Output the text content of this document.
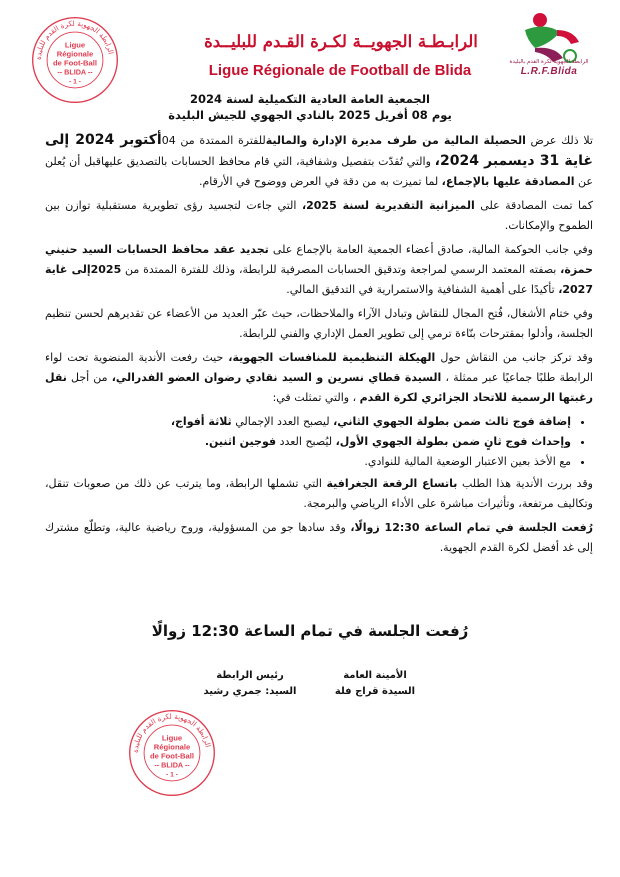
الرابطة الجهوية لكرة القدم للبليدة
Ligue
Régionale
de Foot-Ball
-- BLIDA --
- 1 -
الرابـطـة الجهويــة لكـرة القـدم للبليــدة
Ligue Régionale de Football de Blida	الرابطة الجهوية لكرة القدم بالبليدة
L.R.F.Blida
الجمعية العامة العادية التكميلية لسنة 2024
يوم 08 أفريل 2025 بالنادي الجهوي للجيش البليدة

تلا ذلك عرض الحصيلة المالية من طرف مديرة الإدارة والماليةللفترة الممتدة من 04أكتوبر 2024 إلى غاية 31 ديسمبر 2024، والتي تُقدّت بتفصيل وشفافية، التي قام محافظ الحسابات بالتصديق عليهاقبل أن يُعلن عن المصادقة عليها بالإجماع، لما تميزت به من دقة في العرض ووضوح في الأرقام.

كما تمت المصادقة على الميزانية التقديرية لسنة 2025، التي جاءت لتجسيد رؤى تطويرية مستقبلية توازن بين الطموح والإمكانات.

وفي جانب الحوكمة المالية، صادق أعضاء الجمعية العامة بالإجماع على تجديد عقد محافظ الحسابات السيد حنيني حمزة، بصفته المعتمد الرسمي لمراجعة وتدقيق الحسابات المصرفية للرابطة، وذلك للفترة الممتدة من 2025إلى غاية 2027، تأكيدًا على أهمية الشفافية والاستمرارية في التدقيق المالي.

وفي ختام الأشغال، فُتح المجال للنقاش وتبادل الآراء والملاحظات، حيث عبّر العديد من الأعضاء عن تقديرهم لحسن تنظيم الجلسة، وأدلوا بمقترحات بنّاءة ترمي إلى تطوير العمل الإداري والفني للرابطة.

وقد تركز جانب من النقاش حول الهيكلة التنظيمية للمنافسات الجهوية، حيث رفعت الأندية المنضوية تحت لواء الرابطة طلبًا جماعيًا عبر ممثلة ، السيدة قطاي نسرين و السيد نقادي رضوان العضو الفدرالي، من أجل نقل رغبتها الرسمية للاتحاد الجزائري لكرة القدم ، والتي تمثلت في:

• إضافة فوج ثالث ضمن بطولة الجهوي الثاني، ليصبح العدد الإجمالي ثلاثة أفواج،
• وإحداث فوج ثانٍ ضمن بطولة الجهوي الأول، ليُصبح العدد فوجين اثنين.
• مع الأخذ بعين الاعتبار الوضعية المالية للنوادي.

وقد بررت الأندية هذا الطلب باتساع الرقعة الجغرافية التي تشملها الرابطة، وما يترتب عن ذلك من صعوبات تنقل، وتكاليف مرتفعة، وتأثيرات مباشرة على الأداء الرياضي والبرمجة.

رُفعت الجلسة في تمام الساعة 12:30 زوالًا، وقد سادها جو من المسؤولية، وروح رياضية عالية، وتطلّع مشترك إلى غد أفضل لكرة القدم الجهوية.

رُفعت الجلسة في تمام الساعة 12:30 زوالًا
الأمينة العامة
السيدة قراج فلة
رئيس الرابطة
السيد: جمري رشيد
الرابطة الجهوية لكرة القدم للبليدة
Ligue
Régionale
de Foot-Ball
-- BLIDA --
- 1 -
